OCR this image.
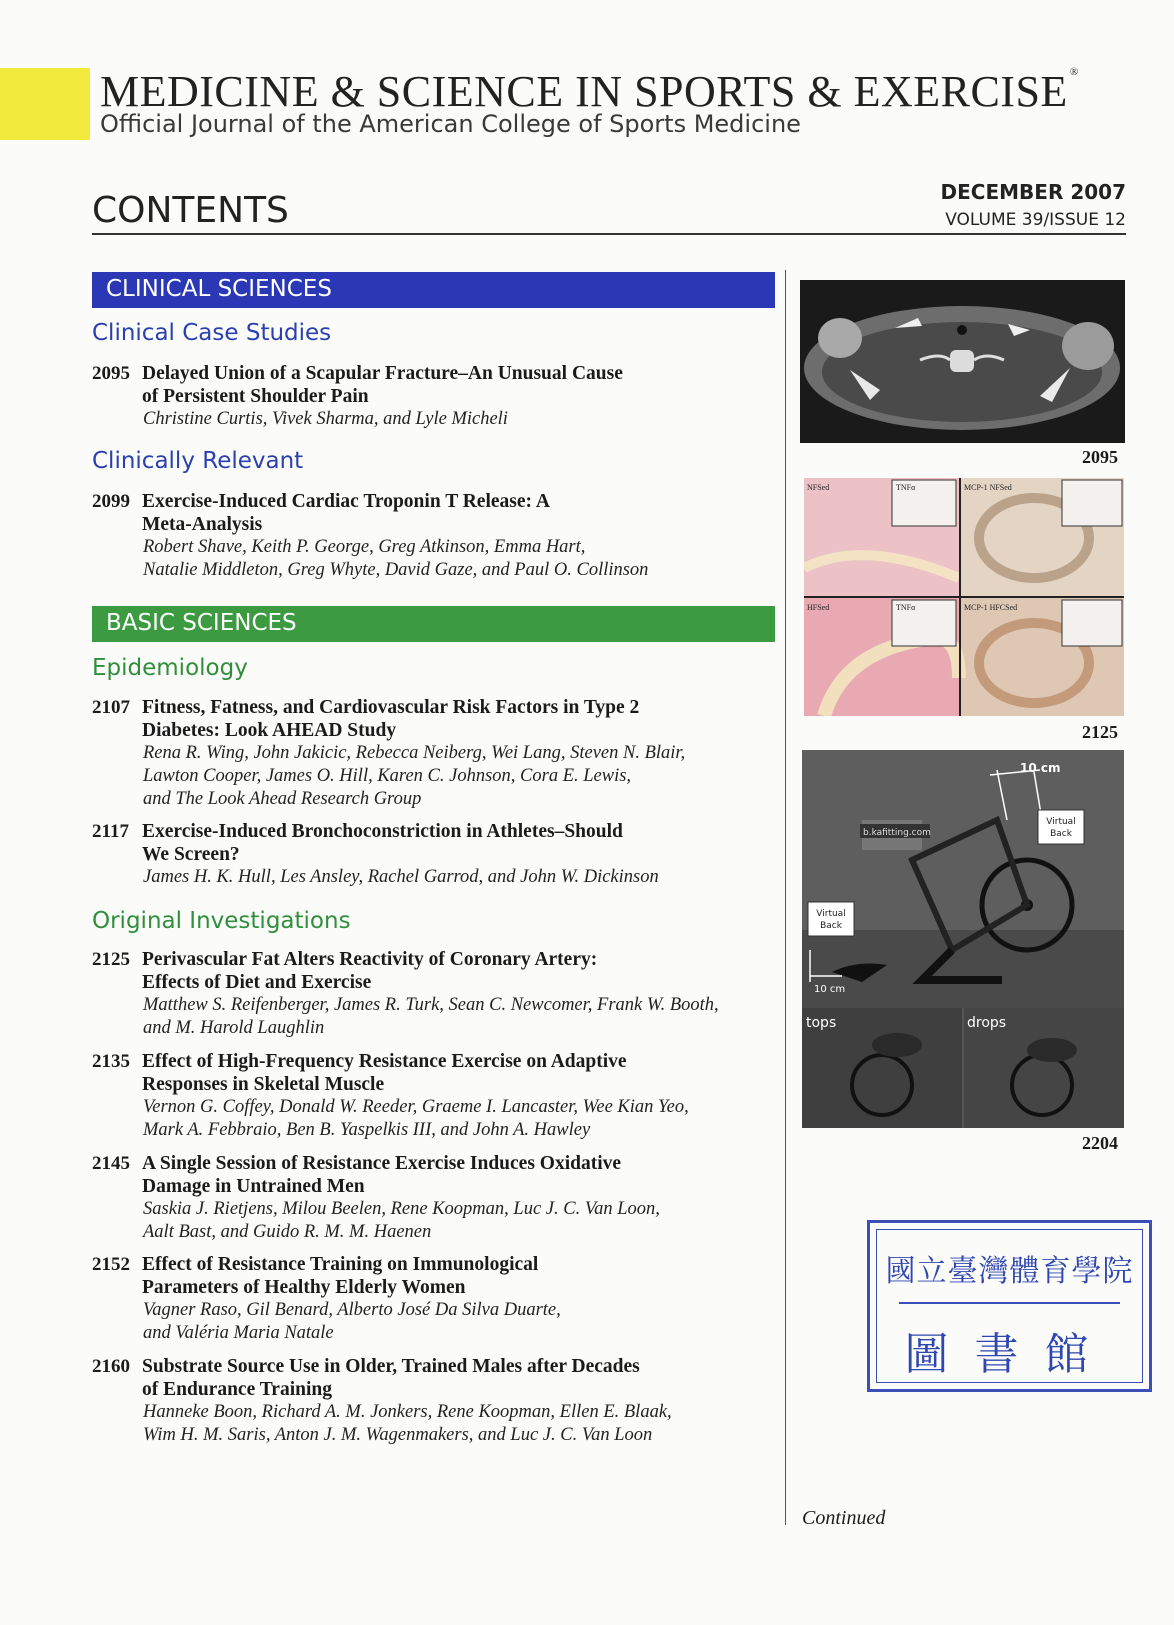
MEDICINE & SCIENCE IN SPORTS & EXERCISE ®
Official Journal of the American College of Sports Medicine
CONTENTS	DECEMBER 2007
VOLUME 39/ISSUE 12
CLINICAL SCIENCES
BASIC SCIENCES
Clinical Case Studies
Clinically Relevant
Epidemiology
Original Investigations
2095 Delayed Union of a Scapular Fracture–An Unusual Cause
of Persistent Shoulder Pain
Christine Curtis, Vivek Sharma, and Lyle Micheli
2099 Exercise-Induced Cardiac Troponin T Release: A
Meta-Analysis
Robert Shave, Keith P. George, Greg Atkinson, Emma Hart,
Natalie Middleton, Greg Whyte, David Gaze, and Paul O. Collinson
2107 Fitness, Fatness, and Cardiovascular Risk Factors in Type 2
Diabetes: Look AHEAD Study
Rena R. Wing, John Jakicic, Rebecca Neiberg, Wei Lang, Steven N. Blair,
Lawton Cooper, James O. Hill, Karen C. Johnson, Cora E. Lewis,
and The Look Ahead Research Group
2117 Exercise-Induced Bronchoconstriction in Athletes–Should
We Screen?
James H. K. Hull, Les Ansley, Rachel Garrod, and John W. Dickinson
2125 Perivascular Fat Alters Reactivity of Coronary Artery:
Effects of Diet and Exercise
Matthew S. Reifenberger, James R. Turk, Sean C. Newcomer, Frank W. Booth,
and M. Harold Laughlin
2135 Effect of High-Frequency Resistance Exercise on Adaptive
Responses in Skeletal Muscle
Vernon G. Coffey, Donald W. Reeder, Graeme I. Lancaster, Wee Kian Yeo,
Mark A. Febbraio, Ben B. Yaspelkis III, and John A. Hawley
2145 A Single Session of Resistance Exercise Induces Oxidative
Damage in Untrained Men
Saskia J. Rietjens, Milou Beelen, Rene Koopman, Luc J. C. Van Loon,
Aalt Bast, and Guido R. M. M. Haenen
2152 Effect of Resistance Training on Immunological
Parameters of Healthy Elderly Women
Vagner Raso, Gil Benard, Alberto José Da Silva Duarte,
and Valéria Maria Natale
2160 Substrate Source Use in Older, Trained Males after Decades
of Endurance Training
Hanneke Boon, Richard A. M. Jonkers, Rene Koopman, Ellen E. Blaak,
Wim H. M. Saris, Anton J. M. Wagenmakers, and Luc J. C. Van Loon
2095
NFSed	TNFα	MCP-1 NFSed
HFSed	TNFα	MCP-1 HFCSed
2125
10 cm
b.kafitting.com
Virtual Back
Virtual Back
10 cm
tops	drops
2204
國立臺灣體育學院
圖書館
Continued
